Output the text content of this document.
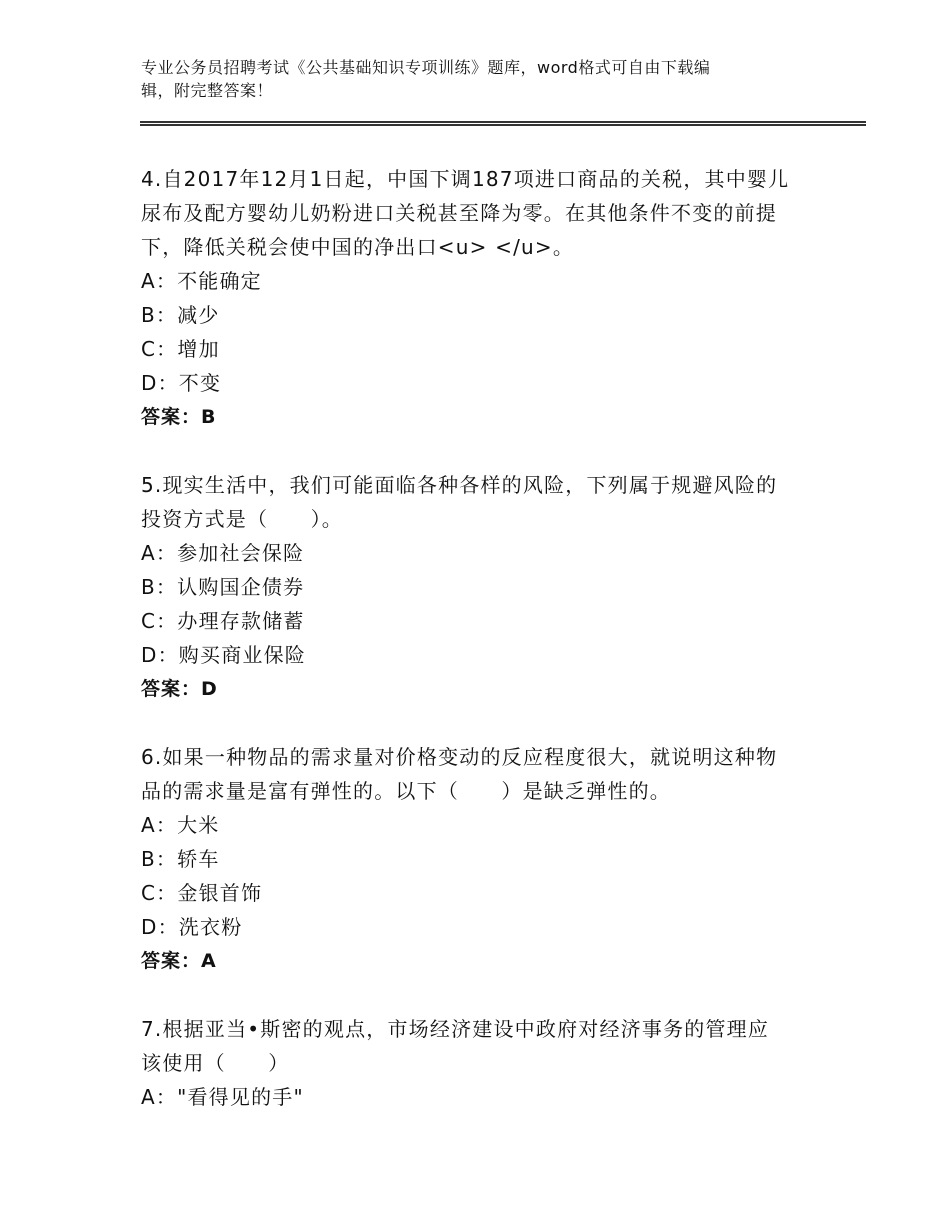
专业公务员招聘考试《公共基础知识专项训练》题库，word格式可自由下载编
辑，附完整答案！
4.自2017年12月1日起，中国下调187项进口商品的关税，其中婴儿
尿布及配方婴幼儿奶粉进口关税甚至降为零。在其他条件不变的前提
下，降低关税会使中国的净出口<u> </u>。
A：不能确定
B：减少
C：增加
D：不变
答案：B
5.现实生活中，我们可能面临各种各样的风险，下列属于规避风险的
投资方式是（　　）。
A：参加社会保险
B：认购国企债券
C：办理存款储蓄
D：购买商业保险
答案：D
6.如果一种物品的需求量对价格变动的反应程度很大，就说明这种物
品的需求量是富有弹性的。以下（　　）是缺乏弹性的。
A：大米
B：轿车
C：金银首饰
D：洗衣粉
答案：A
7.根据亚当•斯密的观点，市场经济建设中政府对经济事务的管理应
该使用（　　）
A："看得见的手"
